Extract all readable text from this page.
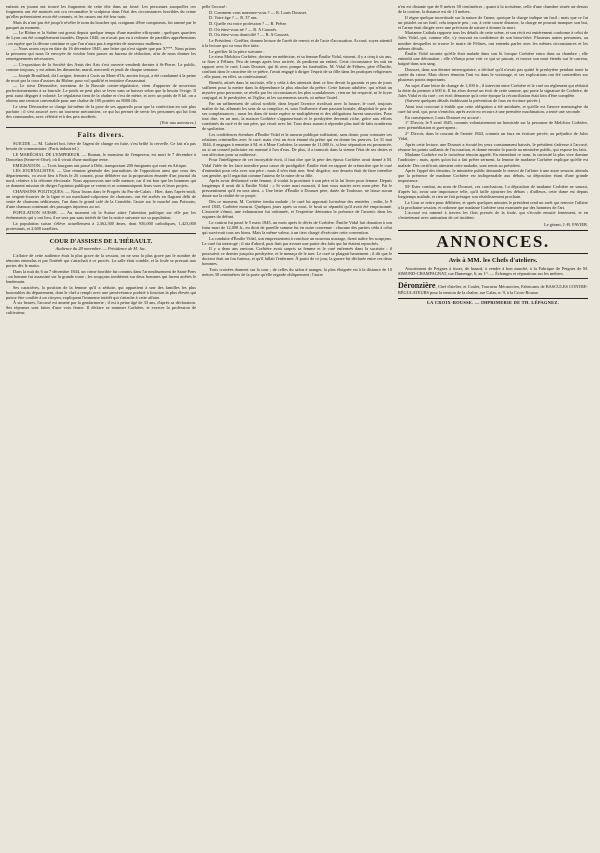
enfants en jouant ont trouvé les fragments de cette tête dans un fossé. Les personnes auxquelles ces fragments ont été montrés ont cru reconnaître le sculpteur dans l'état des circonstances horribles du crime qu'elles présentaient avoir été commis, et les causes ont été leur train.

Mais ils n'ont pas été jusqu'à révéler le nom du boucher qui, craignant d'être compromis, fut amené par le parquet au moment.

— Le Rhône et la Saône ont grossi depuis quelque temps d'une manière effrayante ; quelques quartiers de Lyon ont été complètement inondés. Depuis 1840, on n'avait pas eu à redouter de pareilles appréhensions ; on espère que la décrue continue et que l'on n'aura pas à regretter de nouveaux malheurs.

— Nous avons reçu en date du 16 décembre 1845, une lettre qui n'est signée que par X***. Nous prions la personne qui nous l'a envoyée de vouloir bien passer au bureau de rédaction, afin de nous donner les renseignements nécessaires.

— L'exposition de la Société des Amis des Arts s'est ouverte vendredi dernier à St-Pierre. Le public, comme toujours, y est admis les dimanche, mardi, mercredi et jeudi de chaque semaine.

— Joseph Brouillard, dit Lavigne, fermier à Curis au Mont-d'Or, ancien forçat, a été condamné à la peine de mort par la cour d'assises du Rhône, pour vol qualifié et tentative d'assassinat.

— Le sieur Déronzière, inventeur de la Bascule contre-régulatrice, vient d'apporter de nouveaux perfectionnements à sa bascule. Le poids ne peut plus se lever sans se baisser selon que la besoin l'exige. Il peut aussi dégager à volonté. Le régulateur tient de la chaîne et c'est de mètre, et avec un poids de 8 kil. on a obtenu une tension convenable pour une chaîne de 100 portées ou 8000 fils.

Le sieur Déronzière se charge lui-même de la pose de ses appareils pour que la confection en soit plus parfaite ; il s'est associé avec un tourneur mécanicien, ce qui lui permet de servir les personnes qui lui font des commandes, avec célérité et à des prix modérés.

(Voir aux annonces.)
Faits divers.

SUICIDE. — M. Gabriel bot, frère de l'agent de change en fuite, s'est brûlé la cervelle. Ce fait n'a pas besoin de commentaire. (Paris industriel.)

LE MARÉCHAL DE L'EMPEREUR. — Boutan, le monsieur de l'empereur, est mort le 7 décembre à Doncelan (Seine-et-Oise), où il vivait d'une modique rente.

EMIGRATION. — Trois lourgons ont passé à Dôle, transportant 200 émigrants qui vont en Afrique.

LES JOURNALISTES. — Une réunion générale des journalistes de l'opposition ainsi que ceux des départements, va avoir lieu à Paris le 26 courant, pour délibérer sur la proposition émanée d'un journal du nord, relative à la réforme électorale. Nous approuvons une telle mesure, car il est bon que les hommes qui se donnent mission de diriger l'opinion publique se voient et se communiquent leurs vues et leurs projets.

CHANSONS POLITIQUES. — Nous lisons dans le Progrès du Pas-de-Calais : Hier, dans l'après-midi, un sergent-fourrier de la ligne et un marchand-colporteur de chansons, ont été arrêtés en flagrant délit de vente de chansons séditieuses, l'un dans le grand café de la Comédie, l'autre sur le marché aux Poissons, d'une chanson contenant des passages injurieux au roi.

POPULATION SUISSE. — Au moment où la Suisse attire l'attention publique sur elle par les événements qui y ont lieu, il ne sera pas sans intérêt de lire la notice suivante sur sa population.

La population suisse s'élève actuellement à 2,362,300 âmes, dont 936,000 catholiques, 1,423,000 protestants, et 2,600 israélites.

COUR D'ASSISES DE L'HÉRAULT.
Audience du 28 novembre. — Présidence de M. Jac.

L'affaire de cette audience était la plus grave de la session, on ne sera la plus grave par le nombre de témoins entendus et par l'intérêt qui s'attachait à ce procès. La salle était comble, et la foule se pressait aux portes dès le matin.

Dans la nuit du 6 au 7 décembre 1844, un crime horrible fut commis dans l'arrondissement de Saint-Pons ; un homme fut assassiné sur la grande route ; les soupçons tombèrent sur deux hommes qui furent arrêtés le lendemain.

Ses caractères, la position de la femme qu'il a séduite, qui appartient à une des familles les plus honorables du département, dont le chef a rempli avec une persévérance probité à fonction la plus élevée qui puisse être confiée à un citoyen, expliquent l'immense intérêt qui s'attache à cette affaire.

À six heures, l'accusé est amené par la gendarmerie ; il est à peine âgé de 33 ans, d'après sa déclaration. Ses réponses sont faites d'une voix ferme. Il déclare se nommer Corbière, et exercer la profession de cultivateur.

pelle l'accusé :

D. Comment vous nommez-vous ? — R. Louis Dousset.

D. Votre âge ? — R. 37 ans.

D. Quelle est votre profession ? — R. Prêtre.

D. Où étiez-vous né ? — R. A Caussés.

D. Où étiez-vous domicilié ? — R. A Caussés.

Le Président : Greffier, donnez lecture de l'arrêt de renvoi et de l'acte d'accusation. Accusé, soyez attentif à la lecture qui va vous être faite.

Le greffier lit la pièce suivante :

Le sieur Melchior Corbière, docteur en médecine, et sa femme Émilie Vidal, vinrent, il y a cinq à six ans, se fixer à Félines. Peu de temps après leur arrivée, ils perdirent un enfant. Cette circonstance les mit en rapport avec le curé, Louis Dousset, qui fit avec pompe les funérailles. M. Vidal de Félines, père d'Émilie, confiant dans le caractère de ce prêtre, l'avait engagé à diriger l'esprit de sa fille dans les pratiques religieuses ; elle parut, en effet, sa confessionnal.

Bientôt, attirés dans la sacristie, elle y céda à des attentats dont ce lieu devait la garantir et peu de jours suffirent pour la mettre dans la dépendance la plus absolue du prêtre. Cette liaison adultère, qui n'était un mystère pour personne, se révéla par les circonstances les plus scandaleuses ; rien ne fut respecté, ni le foyer conjugal, ni le presbytère, ni l'église, ni les sacrements sacrés, ni même l'autel.

Par un raffinement de calcul sordide, dans lequel l'avarice rivalisait avec la luxure, le curé, toujours maître de lui, allumait les sens de sa complice, et, sous l'influence d'une passion brutale, dilapidait le prix de ses complaisances ; aussi les dons de toute espèce se multiplièrent et des obligations furent souscrites. Pour tout dire, en un mot, la maison Corbière s'appauvrissait et le presbytère devenait riche, grâce aux efforts combinés du curé et de son père, qui vivait avec lui. Tous deux auront à répondre plus tard de faits nombreux de spoliation.

Les confidences étendues d'Émilie Vidal et la rumeur publique suffiraient, sans doute, pour constater ces relations criminelles avec le curé, mais c'est un écrit émané du prêtre qui en donne les preuves. Le 31 mai 1844, il engagea à remettre à M. et à Mme Corbière, la somme de 11,000 fr., si leur séparation est prononcée, ou si un conseil judiciaire est nommé à l'un d'eux. De plus, il a transcrit dans la sienne l'état de ses dettes et son affection pour sa maîtresse.

Pour l'intelligence de cet incroyable écrit, il faut dire que la père des époux Corbière avait donné à M. Vidal l'idée de les faire interdire pour cause de prodigalité. Émilie était en rapport de créancière que le curé d'entendait pour cela avec son père ; mais il n'en était rien. Seul disgrâce, son dessein était de faire interdire son gendre, qu'il regardait comme l'auteur de la ruine de sa fille.

Après avoir déshonoré cette femme, il voulut la prostituer à son père et la lui livrer pour femme. Depuis longtemps il avait dit à Émilie Vidal : « Si votre mari mourait, il faut vous marier avec mon père. Fai le pressentiment qu'il en sera ainsi. » Une lettre d'Émilie à Dousset père, datée de Toulouse, ne laisse aucun doute sur la réalité de ce projet.

Dès ce moment, M. Corbière tomba malade ; le curé lui apportait lui-même des remèdes ; enfin, le 9 avril 1845, Corbière mourut. Quelques jours après sa mort, le bruit se répandit qu'il avait été empoisonné. L'autorité s'émut, une exhumation fut ordonnée, et l'expertise démontra la présence de l'arsenic dans les organes du défunt.

Le contrat fut passé le 5 mars 1845, un mois après le décès de Corbière. Émilie Vidal fait donation à son futur mari de 12,000 fr., en droit de pareille somme fut en outre convenue : chacune des parties céda à celui qui survivrait tous ses biens. Mais la même valeur, à un tiers chargé d'exécuter cette convention.

La conduite d'Émilie Vidal, son empressement à conclure un nouveau mariage, firent naître les soupçons. Le curé fut interrogé ; il nia d'abord, puis finit par avouer une partie des faits qui lui étaient reprochés.

Il y a deux ans environ, Corbière avait surpris sa femme et le curé enfermés dans la sacristie ; il poursuivit ce dernier jusqu'au presbytère, et le menaça de le tuer. Le curé se plaignit hautement ; il dit que le docteur était un fou furieux, et qu'il fallait l'enfermer. À partir de ce jour, la guerre fut déclarée entre ces deux hommes.

Trois croisées donnent sur la cour ; de celles du salon à manger, la plus éloignée est à la distance de 10 mètres 30 centimètres de la porte qu'elle regarde obliquement ; l'autre

n'en est distante que de 8 mètres 50 centimètres ; quant à la troisième, celle d'une chambre située au-dessus de la cuisine, la distance est de 13 mètres.

Il règne quelque incertitude sur la nature de l'arme, quoique la charge indique un fusil ; mais que ce fut un pistolet ou un fusil, cela importe peu ; car, à cette courte distance, la charge ne pouvait manquer son but, et l'arme était dirigée avec une précision de nature à donner la mort.

Marianne Cathala rapporte tous les détails de cette scène, et son récit est entièrement conforme à celui de Jules Vidal, qui, comme elle, s'y trouvait en confidence de son beau-frère. Plusieurs autres personnes, au nombre desquelles se trouve le maire de Félines, ont entendu parler avec les mêmes circonstances et les mêmes détails.

Émilie Vidal raconte qu'elle était malade dans son lit lorsque Corbière entra dans sa chambre ; elle entendit une détonation ; elle s'élança pour voir ce qui se passait, et trouva son mari étendu sur le carreau, baigné dans son sang.

Dousset, dans son dernier interrogatoire, a déclaré qu'il n'avait pas quitté le presbytère pendant toute la soirée du crime. Mais divers témoins l'ont vu dans le voisinage, et ses explications ont été contredites sur plusieurs points importants.

Au sujet d'une lettre de change de 1,100 fr., il intervint entre Corbière et le curé un règlement qui réduisit la dette du premier à 600 fr. Il fut alors dressé un écrit de cette somme, qui porte la signature de Corbière, de Jules Vidal et du curé ; cet écrit démontre qu'à cette époque la réconciliation était loin d'être complète.

(Suivent quelques détails établissant la prévention de faux en écriture privée.)

Ainsi tout concourt à établir que cette obligation a été antidatée, et qu'elle est l'œuvre mensongère du curé lui seul, qui, pour s'enrichir, après avoir eu recours à une première machination, a tenté une seconde.

En conséquence, Louis Dousset est accusé :

1° D'avoir, le 9 avril 1845, commis volontairement un homicide sur la personne de Melchior Corbière, avec préméditation et guet-apens ;

2° D'avoir, dans le courant de l'année 1844, commis un faux en écriture privée, au préjudice de Jules Vidal.

Après cette lecture, une Dousset a écouté les yeux constamment baissés, le président s'adresse à l'accusé, résume les points saillants de l'accusation, et donne ensuite la parole au ministère public, qui expose les faits.

Madame Corbière est le troisième témoin appelé. En entendant ce nom, la curiosité la plus vive domine l'auditoire ; mais, après qu'on lui a fait prêter serment, la femme de madame Corbière explique qu'elle est malade. Des certificats attestent cette maladie, sont remis au président.

Après l'appel des témoins, le ministère public demande le renvoi de l'affaire à une autre session, attendu que la présence de madame Corbière est indispensable aux débats, sa déposition étant d'une grande importance.

Mᵉ Ester combat, au nom de Dousset, ces conclusions. La déposition de madame Corbière ne saurait, d'après lui, avoir une importance telle, qu'il faille ajourner les débats ; d'ailleurs, cette dame est depuis longtemps malade, et rien ne fait présager son rétablissement prochain.

La Cour se retire pour délibérer, et après quelques minutes le président rend un arrêt qui renvoie l'affaire à la prochaine session, et ordonne que madame Corbière sera examinée par des hommes de l'art.

L'accusé est ramené à travers les flots pressés de la foule, qui s'écoule ensuite lentement, et en s'entretenant avec animation de cet incident.

Le gérant, J.-B. FAVIER.
ANNONCES.
Avis à MM. les Chefs d'ateliers.

Assortiment de Peignes à tisser, de hasard, à vendre à bon marché, à la Fabrique de Peignes de M. SIMOND-CHAMPAGNAT, rue Dumenge, 6, au 1ᵉʳ. — Échanges et réparations sur les métiers.

Déronzière, Chef d'atelier, et Coulet, Tourneur Mécanicien, Fabricants de BASCULES CONTRE-RÉGULATEURS pour la tension de la chaîne, rue Calas, n. 9, à la Croix-Rousse.

LA CROIX-ROUSSE. — IMPRIMERIE DE TH. LÉPAGNEZ.
